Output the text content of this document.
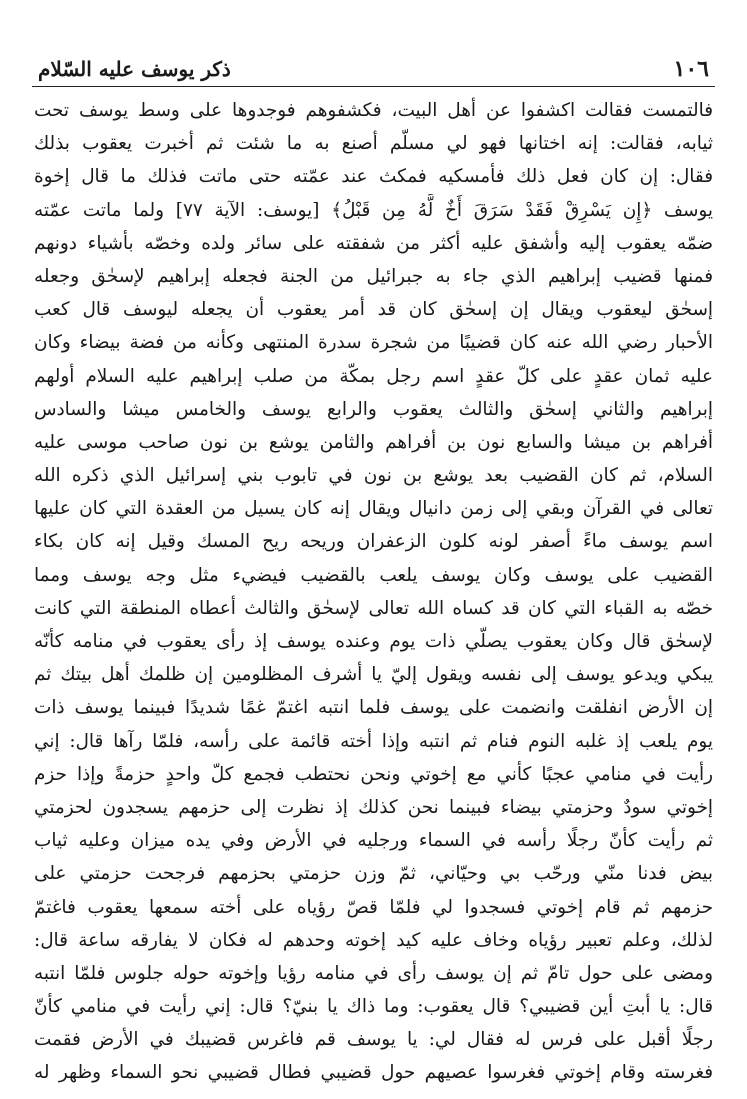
١٠٦
ذكر يوسف عليه السّلام
فالتمست فقالت اكشفوا عن أهل البيت، فكشفوهم فوجدوها على وسط يوسف تحت
ثيابه، فقالت: إنه اختانها فهو لي مسلّم أصنع به ما شئت ثم أخبرت يعقوب بذلك
فقال: إن كان فعل ذلك فأمسكيه فمكث عند عمّته حتى ماتت فذلك ما قال إخوة
يوسف ﴿إِن يَسْرِقْ فَقَدْ سَرَقَ أَخٌ لَّهُ مِن قَبْلُ﴾ [يوسف: الآية ٧٧] ولما ماتت عمّته
ضمّه يعقوب إليه وأشفق عليه أكثر من شفقته على سائر ولده وخصّه بأشياء دونهم
فمنها قضيب إبراهيم الذي جاء به جبرائيل من الجنة فجعله إبراهيم لإسحٰق وجعله
إسحٰق ليعقوب ويقال إن إسحٰق كان قد أمر يعقوب أن يجعله ليوسف قال كعب
الأحبار رضي الله عنه كان قضيبًا من شجرة سدرة المنتهى وكأنه من فضة بيضاء وكان
عليه ثمان عقدٍ على كلّ عقدٍ اسم رجل بمكّة من صلب إبراهيم عليه السلام أولهم
إبراهيم والثاني إسحٰق والثالث يعقوب والرابع يوسف والخامس ميشا والسادس
أفراهم بن ميشا والسابع نون بن أفراهم والثامن يوشع بن نون صاحب موسى عليه
السلام، ثم كان القضيب بعد يوشع بن نون في تابوب بني إسرائيل الذي ذكره الله
تعالى في القرآن وبقي إلى زمن دانيال ويقال إنه كان يسيل من العقدة التي كان عليها
اسم يوسف ماءً أصفر لونه كلون الزعفران وريحه ريح المسك وقيل إنه كان بكاء
القضيب على يوسف وكان يوسف يلعب بالقضيب فيضيء مثل وجه يوسف ومما
خصّه به القباء التي كان قد كساه الله تعالى لإسحٰق والثالث أعطاه المنطقة التي كانت
لإسحٰق قال وكان يعقوب يصلّي ذات يوم وعنده يوسف إذ رأى يعقوب في منامه كأنّه
يبكي ويدعو يوسف إلى نفسه ويقول إليّ يا أشرف المظلومين إن ظلمك أهل بيتك ثم
إن الأرض انفلقت وانضمت على يوسف فلما انتبه اغتمّ غمًا شديدًا فبينما يوسف ذات
يوم يلعب إذ غلبه النوم فنام ثم انتبه وإذا أخته قائمة على رأسه، فلمّا رآها قال: إني
رأيت في منامي عجبًا كأني مع إخوتي ونحن نحتطب فجمع كلّ واحدٍ حزمةً وإذا حزم
إخوتي سودٌ وحزمتي بيضاء فبينما نحن كذلك إذ نظرت إلى حزمهم يسجدون لحزمتي
ثم رأيت كأنّ رجلًا رأسه في السماء ورجليه في الأرض وفي يده ميزان وعليه ثياب
بيض فدنا منّي ورحّب بي وحيّاني، ثمّ وزن حزمتي بحزمهم فرجحت حزمتي على
حزمهم ثم قام إخوتي فسجدوا لي فلمّا قصّ رؤياه على أخته سمعها يعقوب فاغتمّ
لذلك، وعلم تعبير رؤياه وخاف عليه كيد إخوته وحدهم له فكان لا يفارقه ساعة قال:
ومضى على حول تامّ ثم إن يوسف رأى في منامه رؤيا وإخوته حوله جلوس فلمّا انتبه
قال: يا أبتِ أين قضيبي؟ قال يعقوب: وما ذاك يا بنيّ؟ قال: إني رأيت في منامي كأنّ
رجلًا أقبل على فرس له فقال لي: يا يوسف قم فاغرس قضيبك في الأرض فقمت
فغرسته وقام إخوتي فغرسوا عصيهم حول قضيبي فطال قضيبي نحو السماء وظهر له
